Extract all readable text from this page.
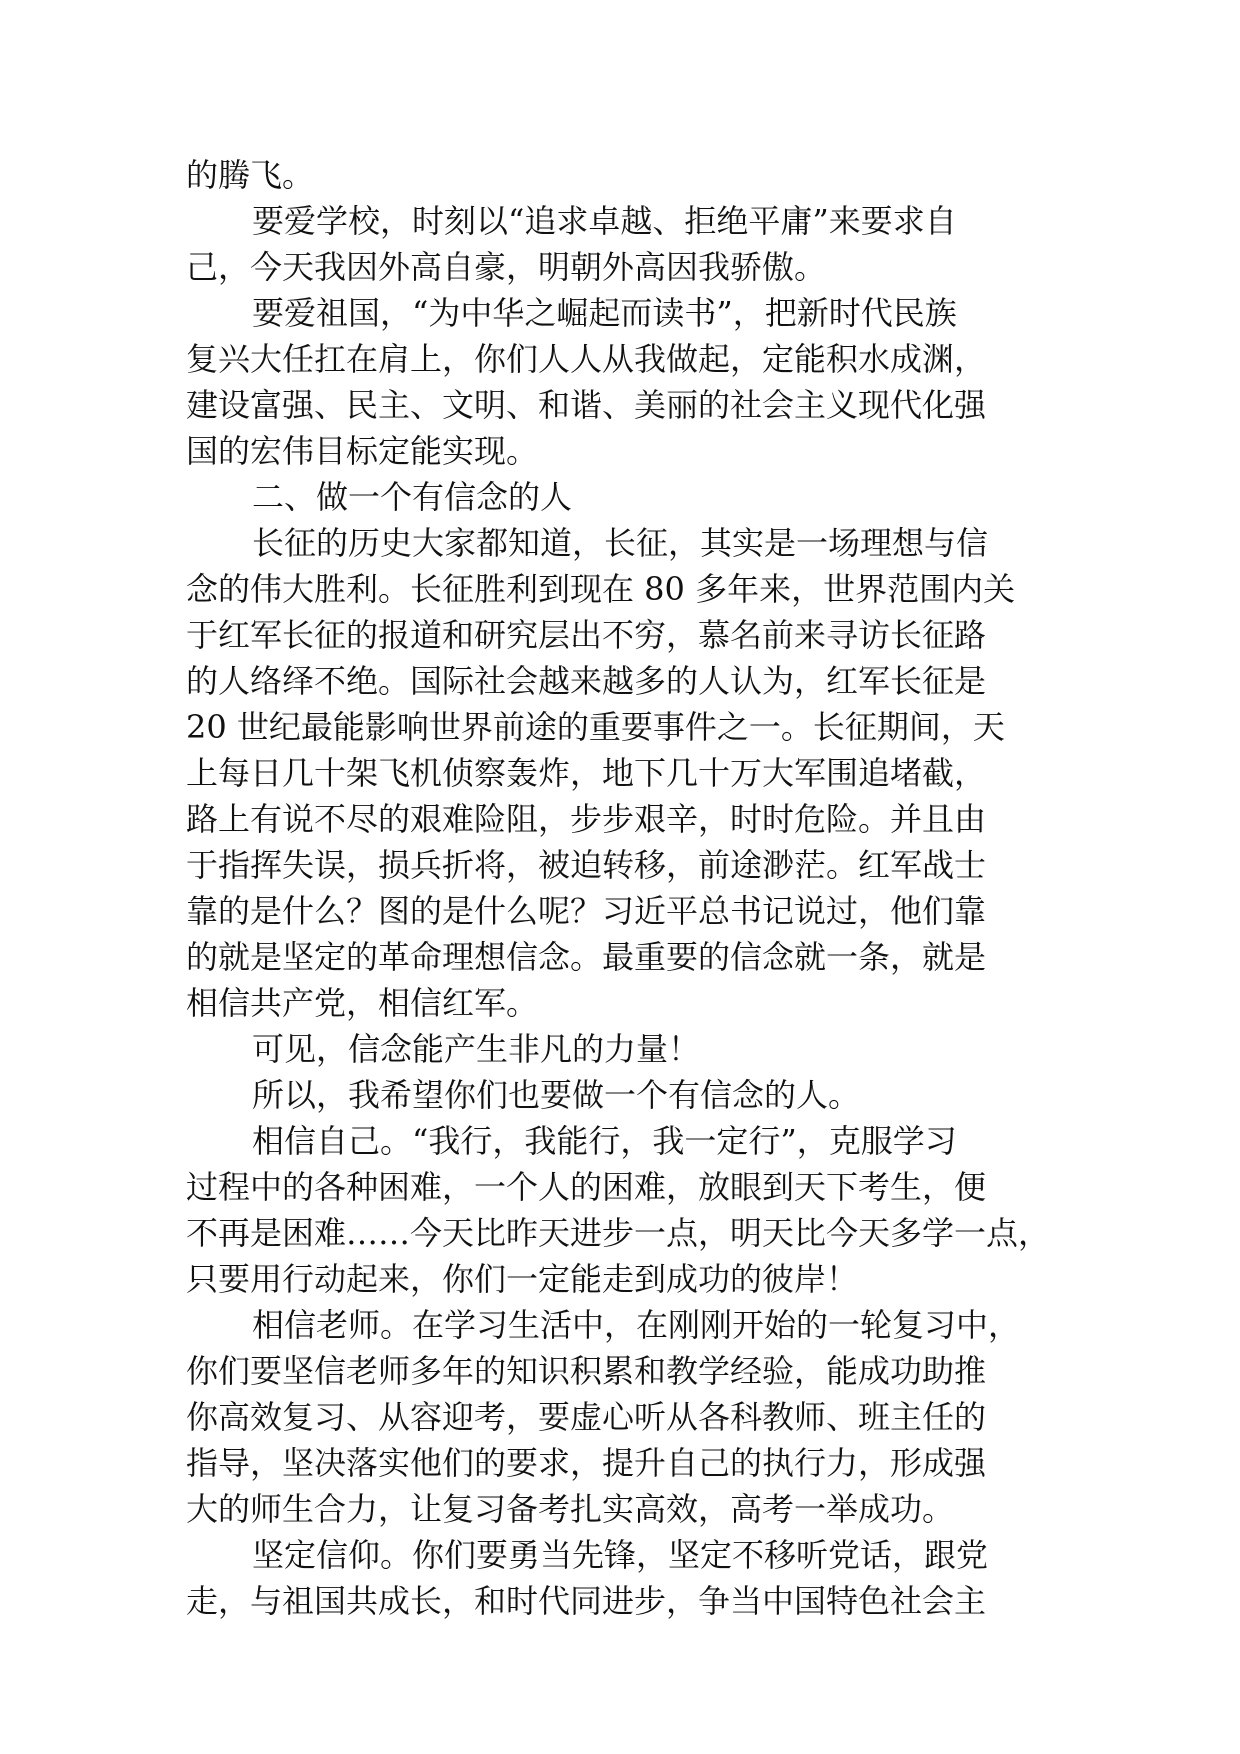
的腾飞。
要爱学校，时刻以“追求卓越、拒绝平庸”来要求自
己，今天我因外高自豪，明朝外高因我骄傲。
要爱祖国，“为中华之崛起而读书”，把新时代民族
复兴大任扛在肩上，你们人人从我做起，定能积水成渊，
建设富强、民主、文明、和谐、美丽的社会主义现代化强
国的宏伟目标定能实现。
二、做一个有信念的人
长征的历史大家都知道，长征，其实是一场理想与信
念的伟大胜利。长征胜利到现在 80 多年来，世界范围内关
于红军长征的报道和研究层出不穷，慕名前来寻访长征路
的人络绎不绝。国际社会越来越多的人认为，红军长征是
20 世纪最能影响世界前途的重要事件之一。长征期间，天
上每日几十架飞机侦察轰炸，地下几十万大军围追堵截，
路上有说不尽的艰难险阻，步步艰辛，时时危险。并且由
于指挥失误，损兵折将，被迫转移，前途渺茫。红军战士
靠的是什么？图的是什么呢？习近平总书记说过，他们靠
的就是坚定的革命理想信念。最重要的信念就一条，就是
相信共产党，相信红军。
可见，信念能产生非凡的力量！
所以，我希望你们也要做一个有信念的人。
相信自己。“我行，我能行，我一定行”，克服学习
过程中的各种困难，一个人的困难，放眼到天下考生，便
不再是困难……今天比昨天进步一点，明天比今天多学一点，
只要用行动起来，你们一定能走到成功的彼岸！
相信老师。在学习生活中，在刚刚开始的一轮复习中，
你们要坚信老师多年的知识积累和教学经验，能成功助推
你高效复习、从容迎考，要虚心听从各科教师、班主任的
指导，坚决落实他们的要求，提升自己的执行力，形成强
大的师生合力，让复习备考扎实高效，高考一举成功。
坚定信仰。你们要勇当先锋，坚定不移听党话，跟党
走，与祖国共成长，和时代同进步，争当中国特色社会主
